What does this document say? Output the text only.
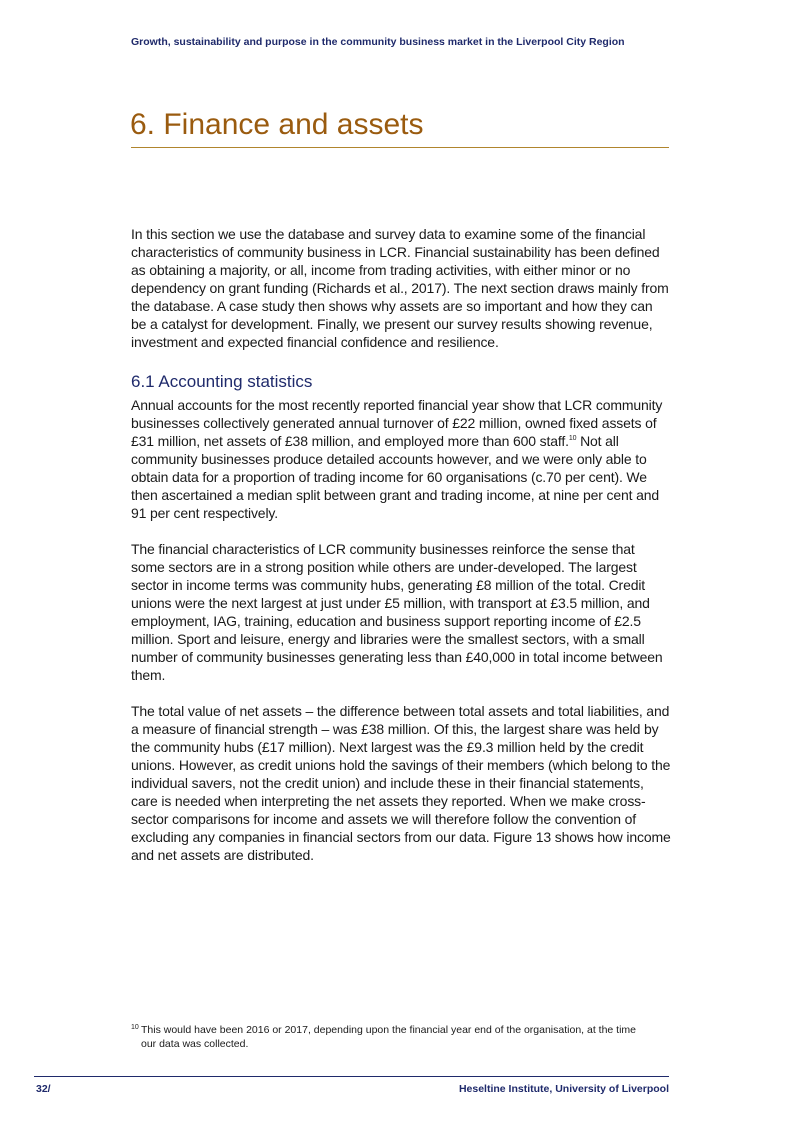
Growth, sustainability and purpose in the community business market in the Liverpool City Region
6. Finance and assets

In this section we use the database and survey data to examine some of the financial characteristics of community business in LCR. Financial sustainability has been defined as obtaining a majority, or all, income from trading activities, with either minor or no dependency on grant funding (Richards et al., 2017). The next section draws mainly from the database. A case study then shows why assets are so important and how they can be a catalyst for development. Finally, we present our survey results showing revenue, investment and expected financial confidence and resilience.

6.1 Accounting statistics

Annual accounts for the most recently reported financial year show that LCR community businesses collectively generated annual turnover of £22 million, owned fixed assets of £31 million, net assets of £38 million, and employed more than 600 staff.$^{10}$ Not all community businesses produce detailed accounts however, and we were only able to obtain data for a proportion of trading income for 60 organisations (c.70 per cent). We then ascertained a median split between grant and trading income, at nine per cent and 91 per cent respectively.

The financial characteristics of LCR community businesses reinforce the sense that some sectors are in a strong position while others are under-developed. The largest sector in income terms was community hubs, generating £8 million of the total. Credit unions were the next largest at just under £5 million, with transport at £3.5 million, and employment, IAG, training, education and business support reporting income of £2.5 million. Sport and leisure, energy and libraries were the smallest sectors, with a small number of community businesses generating less than £40,000 in total income between them.

The total value of net assets – the difference between total assets and total liabilities, and a measure of financial strength – was £38 million. Of this, the largest share was held by the community hubs (£17 million). Next largest was the £9.3 million held by the credit unions. However, as credit unions hold the savings of their members (which belong to the individual savers, not the credit union) and include these in their financial statements, care is needed when interpreting the net assets they reported. When we make cross-sector comparisons for income and assets we will therefore follow the convention of excluding any companies in financial sectors from our data. Figure 13 shows how income and net assets are distributed.

10 This would have been 2016 or 2017, depending upon the financial year end of the organisation, at the time
our data was collected.
32/	Heseltine Institute, University of Liverpool
